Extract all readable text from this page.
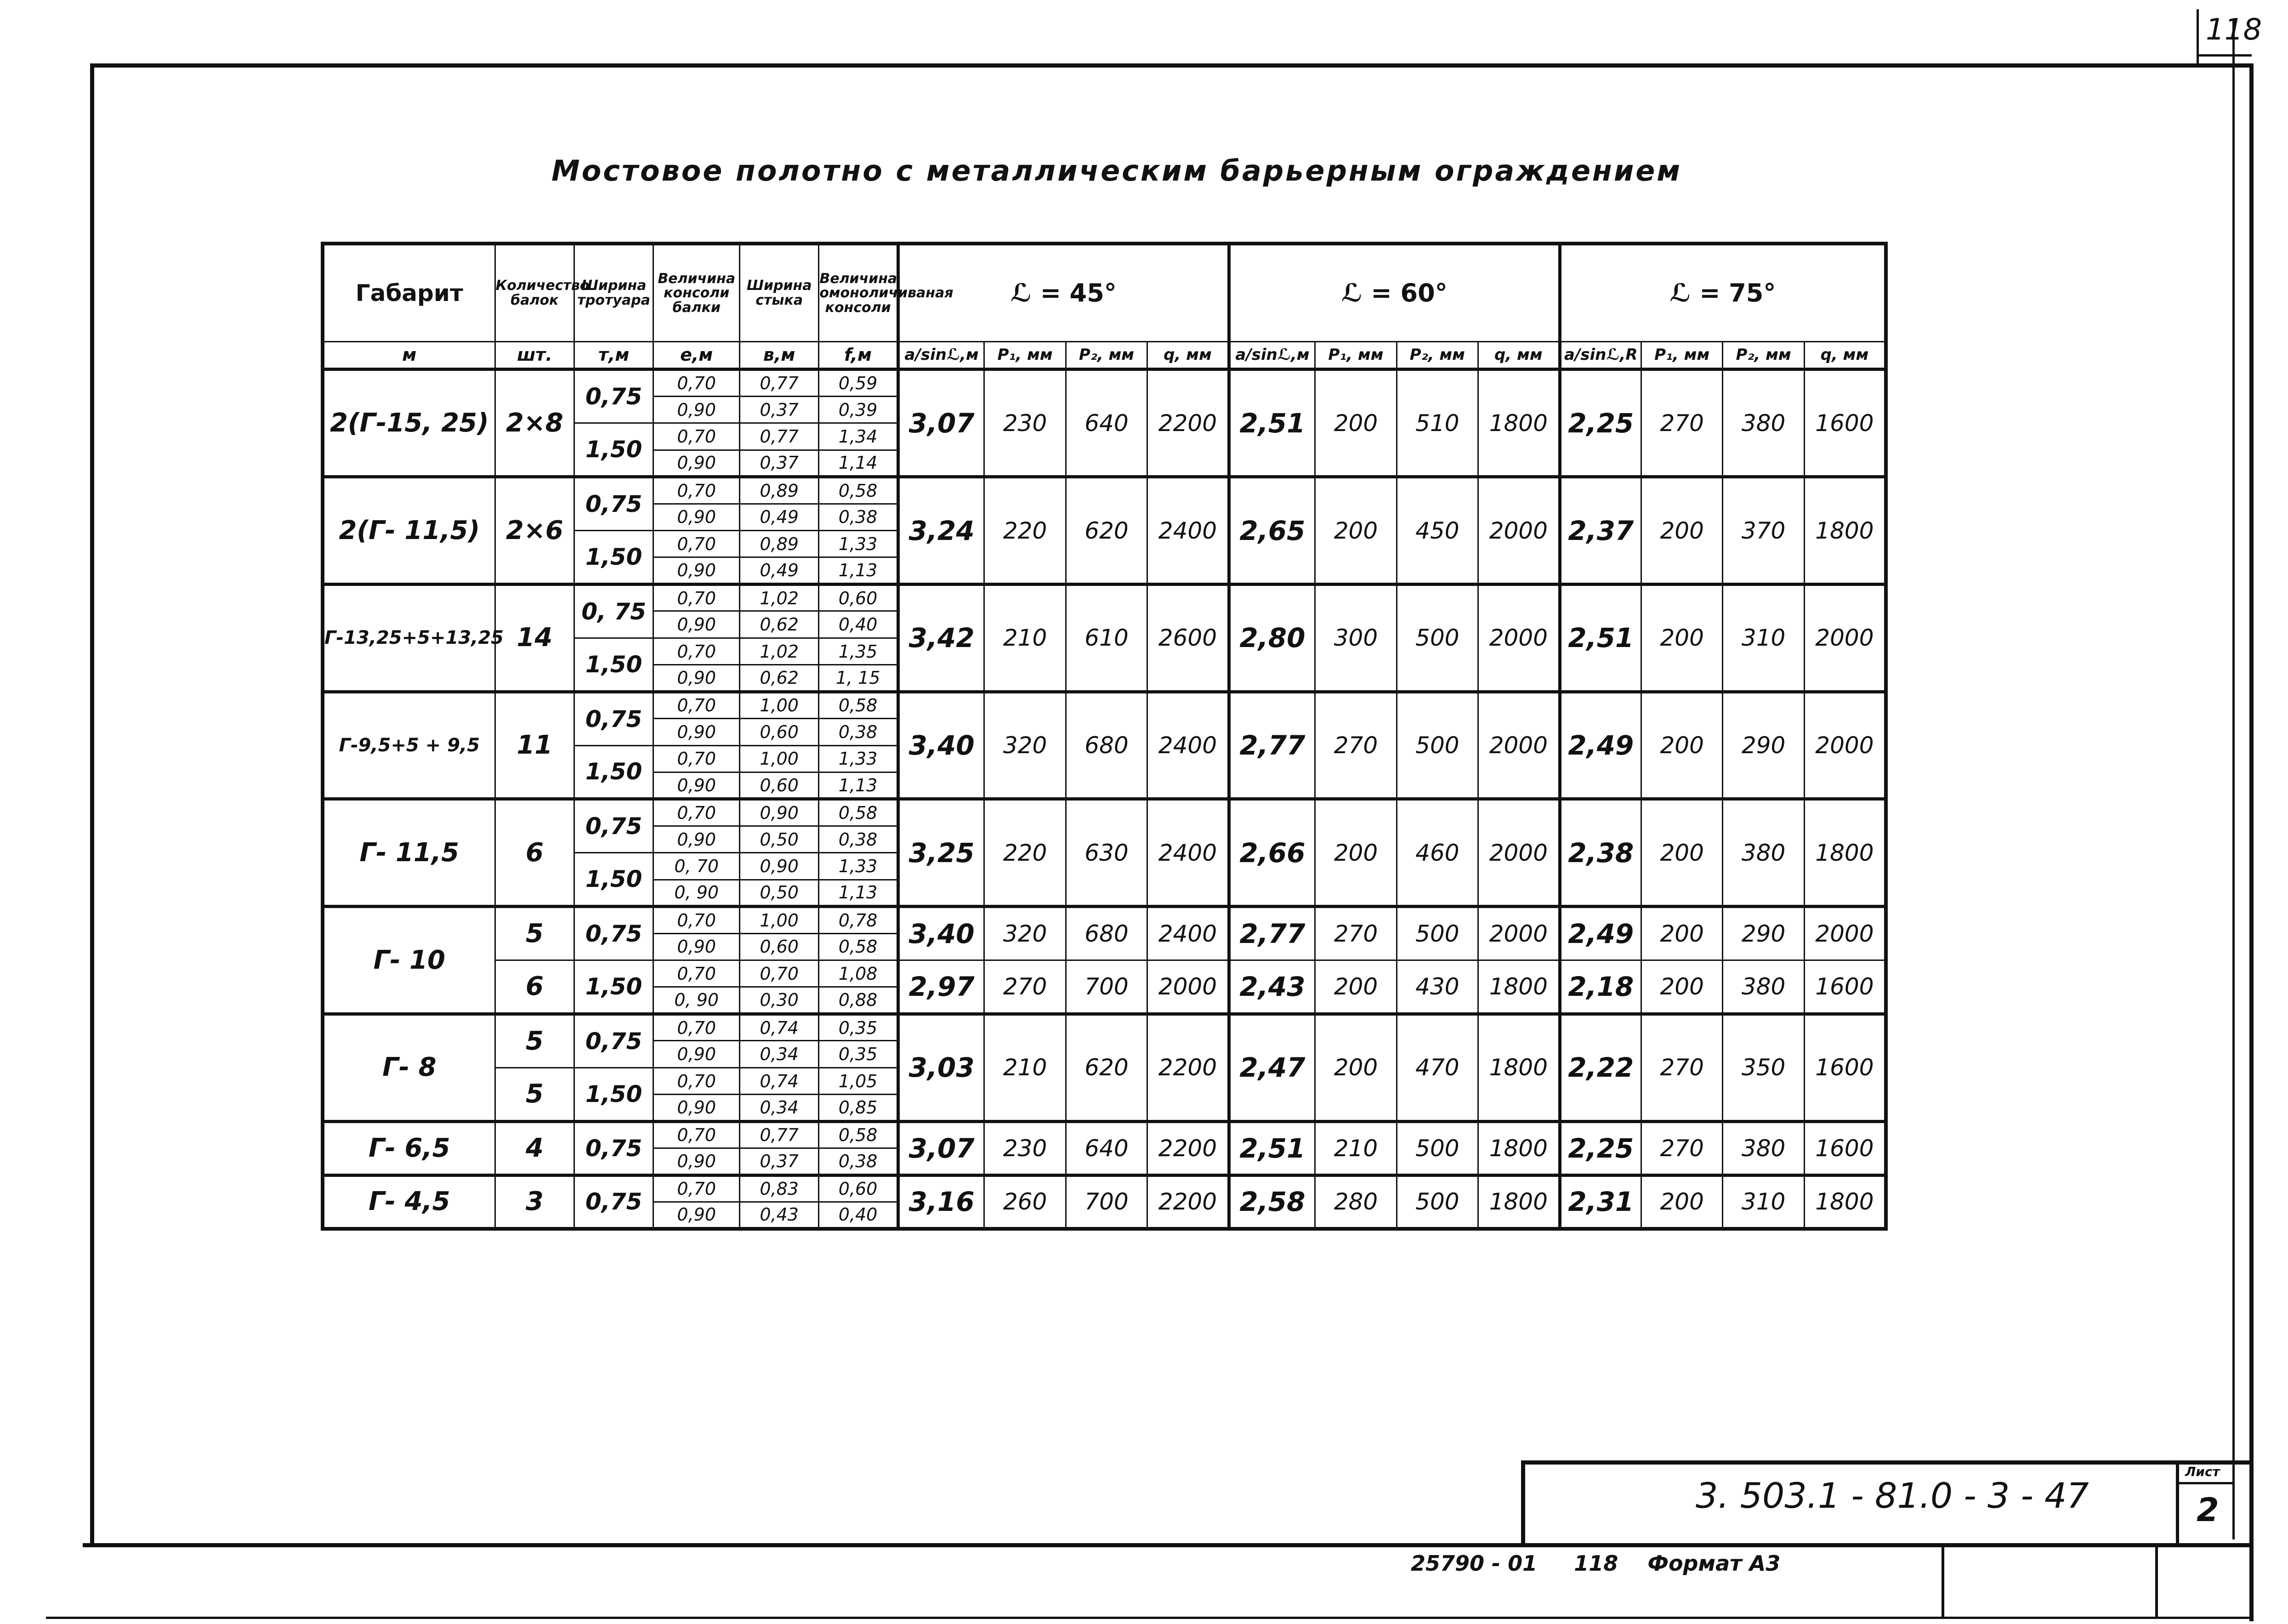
118
Мостовое полотно с металлическим барьерным ограждением
Габарит	Количество балок	Ширина тротуара	Величина консоли балки	Ширина стыка	Величина омоноличиваная консоли	ℒ = 45°				ℒ = 60°				ℒ = 75°			
м	шт.	т,м	е,м	в,м	f,м	a/sinℒ,м	P₁, мм	P₂, мм	q, мм	a/sinℒ,м	P₁, мм	P₂, мм	q, мм	a/sinℒ,R	P₁, мм	P₂, мм	q, мм
2(Г-15, 25)	2×8	0,75	0,70	0,77	0,59	3,07	230	640	2200	2,51	200	510	1800	2,25	270	380	1600
			0,90	0,37	0,39												
		1,50	0,70	0,77	1,34												
			0,90	0,37	1,14												
2(Г- 11,5)	2×6	0,75	0,70	0,89	0,58	3,24	220	620	2400	2,65	200	450	2000	2,37	200	370	1800
			0,90	0,49	0,38												
		1,50	0,70	0,89	1,33												
			0,90	0,49	1,13												
Г-13,25+5+13,25	14	0, 75	0,70	1,02	0,60	3,42	210	610	2600	2,80	300	500	2000	2,51	200	310	2000
			0,90	0,62	0,40												
		1,50	0,70	1,02	1,35												
			0,90	0,62	1, 15												
Г-9,5+5 + 9,5	11	0,75	0,70	1,00	0,58	3,40	320	680	2400	2,77	270	500	2000	2,49	200	290	2000
			0,90	0,60	0,38												
		1,50	0,70	1,00	1,33												
			0,90	0,60	1,13												
Г- 11,5	6	0,75	0,70	0,90	0,58	3,25	220	630	2400	2,66	200	460	2000	2,38	200	380	1800
			0,90	0,50	0,38												
		1,50	0, 70	0,90	1,33												
			0, 90	0,50	1,13												
Г- 10	5	0,75	0,70	1,00	0,78	3,40	320	680	2400	2,77	270	500	2000	2,49	200	290	2000
			0,90	0,60	0,58												
	6	1,50	0,70	0,70	1,08	2,97	270	700	2000	2,43	200	430	1800	2,18	200	380	1600
			0, 90	0,30	0,88												
Г- 8	5	0,75	0,70	0,74	0,35	3,03	210	620	2200	2,47	200	470	1800	2,22	270	350	1600
			0,90	0,34	0,35												
	5	1,50	0,70	0,74	1,05												
			0,90	0,34	0,85												
Г- 6,5	4	0,75	0,70	0,77	0,58	3,07	230	640	2200	2,51	210	500	1800	2,25	270	380	1600
			0,90	0,37	0,38												
Г- 4,5	3	0,75	0,70	0,83	0,60	3,16	260	700	2200	2,58	280	500	1800	2,31	200	310	1800
			0,90	0,43	0,40												
3. 503.1 - 81.0 - 3 - 47
Лист
2
25790 - 01     118    Формат А3
